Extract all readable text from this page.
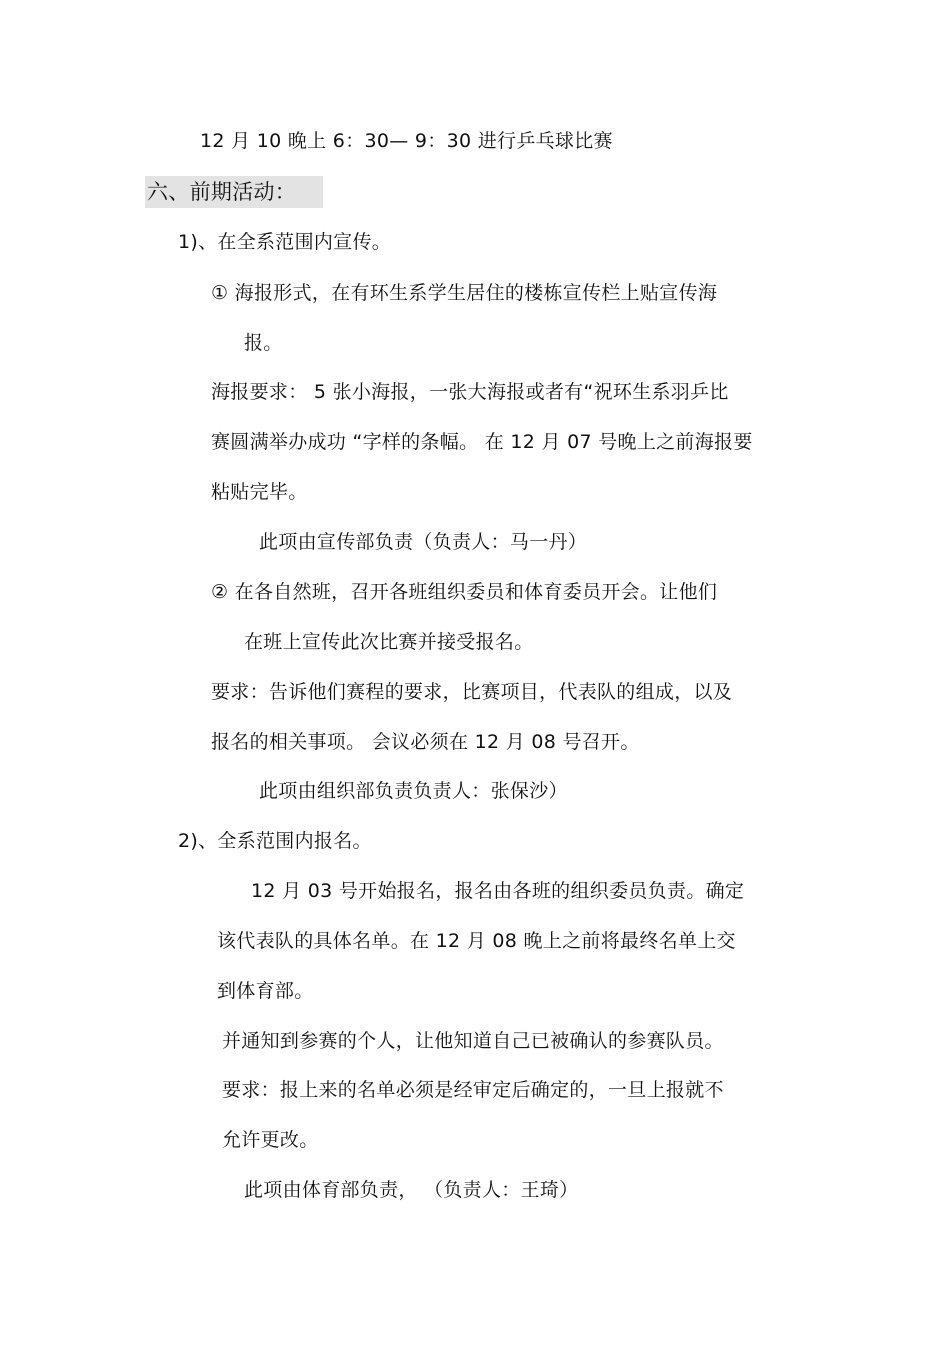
12 月 10 晚上 6：30— 9：30 进行乒乓球比赛
六、前期活动：
1)、在全系范围内宣传。
① 海报形式，在有环生系学生居住的楼栋宣传栏上贴宣传海
报。
海报要求： 5 张小海报，一张大海报或者有“祝环生系羽乒比
赛圆满举办成功 “字样的条幅。 在 12 月 07 号晚上之前海报要
粘贴完毕。
此项由宣传部负责（负责人：马一丹）
② 在各自然班，召开各班组织委员和体育委员开会。让他们
在班上宣传此次比赛并接受报名。
要求：告诉他们赛程的要求，比赛项目，代表队的组成，以及
报名的相关事项。 会议必须在 12 月 08 号召开。
此项由组织部负责负责人：张保沙）
2)、全系范围内报名。
12 月 03 号开始报名，报名由各班的组织委员负责。确定
该代表队的具体名单。在 12 月 08 晚上之前将最终名单上交
到体育部。
并通知到参赛的个人，让他知道自己已被确认的参赛队员。
要求：报上来的名单必须是经审定后确定的，一旦上报就不
允许更改。
此项由体育部负责， （负责人：王琦）
